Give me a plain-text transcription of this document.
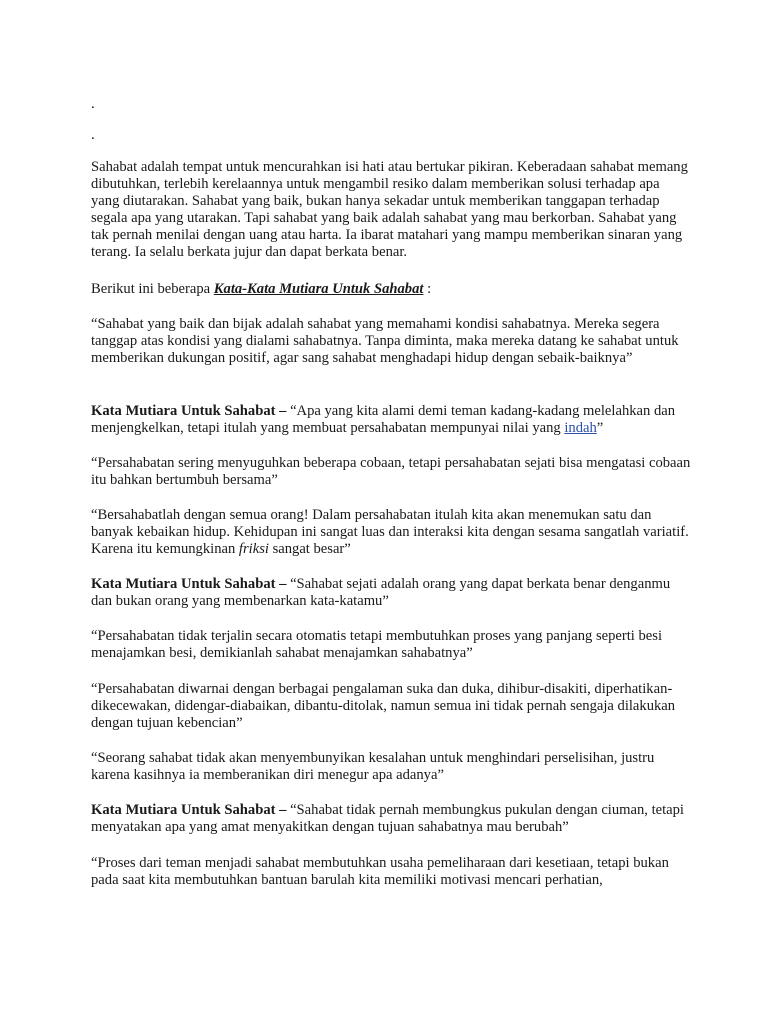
.
.

Sahabat adalah tempat untuk mencurahkan isi hati atau bertukar pikiran. Keberadaan sahabat memang dibutuhkan, terlebih kerelaannya untuk mengambil resiko dalam memberikan solusi terhadap apa yang diutarakan. Sahabat yang baik, bukan hanya sekadar untuk memberikan tanggapan terhadap segala apa yang utarakan. Tapi sahabat yang baik adalah sahabat yang mau berkorban. Sahabat yang tak pernah menilai dengan uang atau harta. Ia ibarat matahari yang mampu memberikan sinaran yang terang. Ia selalu berkata jujur dan dapat berkata benar.

Berikut ini beberapa Kata-Kata Mutiara Untuk Sahabat :

“Sahabat yang baik dan bijak adalah sahabat yang memahami kondisi sahabatnya. Mereka segera tanggap atas kondisi yang dialami sahabatnya. Tanpa diminta, maka mereka datang ke sahabat untuk memberikan dukungan positif, agar sang sahabat menghadapi hidup dengan sebaik-baiknya”

Kata Mutiara Untuk Sahabat – “Apa yang kita alami demi teman kadang-kadang melelahkan dan menjengkelkan, tetapi itulah yang membuat persahabatan mempunyai nilai yang indah”

“Persahabatan sering menyuguhkan beberapa cobaan, tetapi persahabatan sejati bisa mengatasi cobaan itu bahkan bertumbuh bersama”

“Bersahabatlah dengan semua orang! Dalam persahabatan itulah kita akan menemukan satu dan banyak kebaikan hidup. Kehidupan ini sangat luas dan interaksi kita dengan sesama sangatlah variatif. Karena itu kemungkinan friksi sangat besar”

Kata Mutiara Untuk Sahabat – “Sahabat sejati adalah orang yang dapat berkata benar denganmu dan bukan orang yang membenarkan kata-katamu”

“Persahabatan tidak terjalin secara otomatis tetapi membutuhkan proses yang panjang seperti besi menajamkan besi, demikianlah sahabat menajamkan sahabatnya”

“Persahabatan diwarnai dengan berbagai pengalaman suka dan duka, dihibur-disakiti, diperhatikan-dikecewakan, didengar-diabaikan, dibantu-ditolak, namun semua ini tidak pernah sengaja dilakukan dengan tujuan kebencian”

“Seorang sahabat tidak akan menyembunyikan kesalahan untuk menghindari perselisihan, justru karena kasihnya ia memberanikan diri menegur apa adanya”

Kata Mutiara Untuk Sahabat – “Sahabat tidak pernah membungkus pukulan dengan ciuman, tetapi menyatakan apa yang amat menyakitkan dengan tujuan sahabatnya mau berubah”

“Proses dari teman menjadi sahabat membutuhkan usaha pemeliharaan dari kesetiaan, tetapi bukan pada saat kita membutuhkan bantuan barulah kita memiliki motivasi mencari perhatian,
